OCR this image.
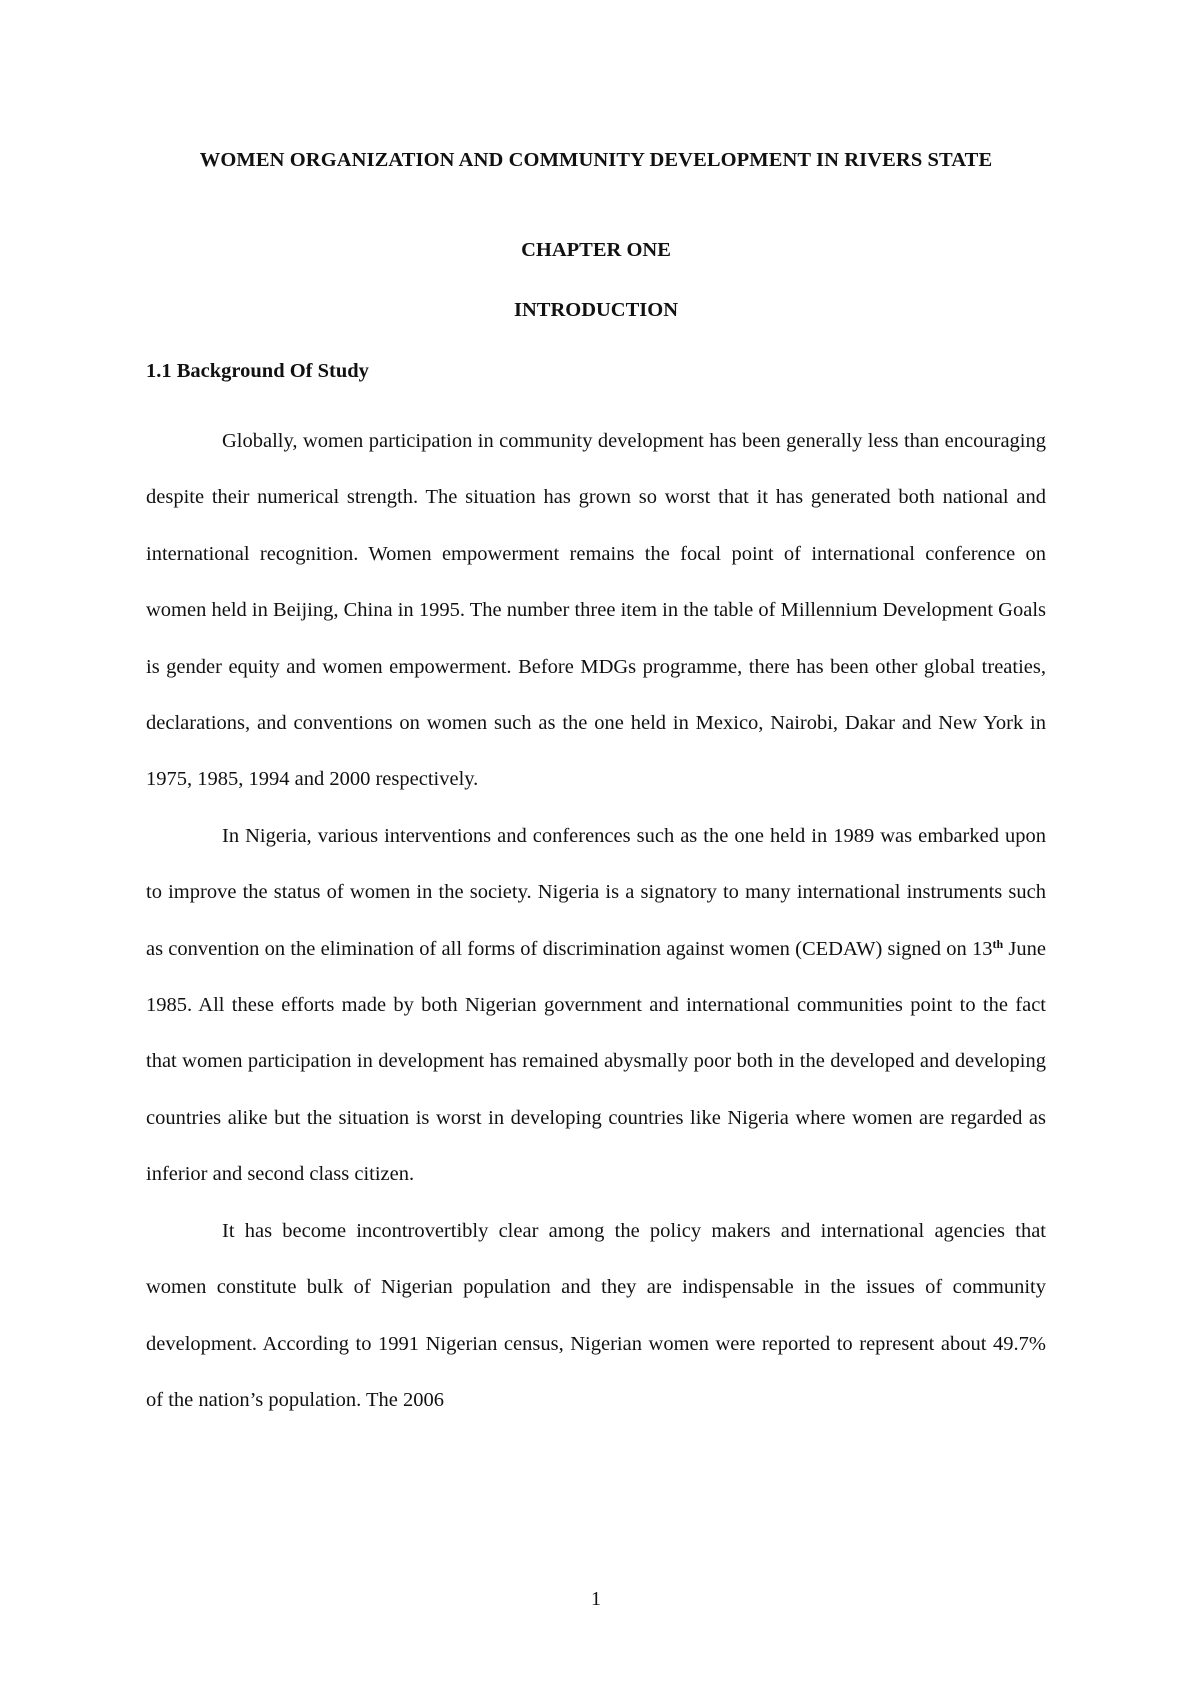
WOMEN ORGANIZATION AND COMMUNITY DEVELOPMENT IN RIVERS STATE
CHAPTER ONE
INTRODUCTION
1.1 Background Of Study

Globally, women participation in community development has been generally less than encouraging despite their numerical strength. The situation has grown so worst that it has generated both national and international recognition. Women empowerment remains the focal point of international conference on women held in Beijing, China in 1995. The number three item in the table of Millennium Development Goals is gender equity and women empowerment. Before MDGs programme, there has been other global treaties, declarations, and conventions on women such as the one held in Mexico, Nairobi, Dakar and New York in 1975, 1985, 1994 and 2000 respectively.

In Nigeria, various interventions and conferences such as the one held in 1989 was embarked upon to improve the status of women in the society. Nigeria is a signatory to many international instruments such as convention on the elimination of all forms of discrimination against women (CEDAW) signed on 13th June 1985. All these efforts made by both Nigerian government and international communities point to the fact that women participation in development has remained abysmally poor both in the developed and developing countries alike but the situation is worst in developing countries like Nigeria where women are regarded as inferior and second class citizen.

It has become incontrovertibly clear among the policy makers and international agencies that women constitute bulk of Nigerian population and they are indispensable in the issues of community development. According to 1991 Nigerian census, Nigerian women were reported to represent about 49.7% of the nation’s population. The 2006

1
